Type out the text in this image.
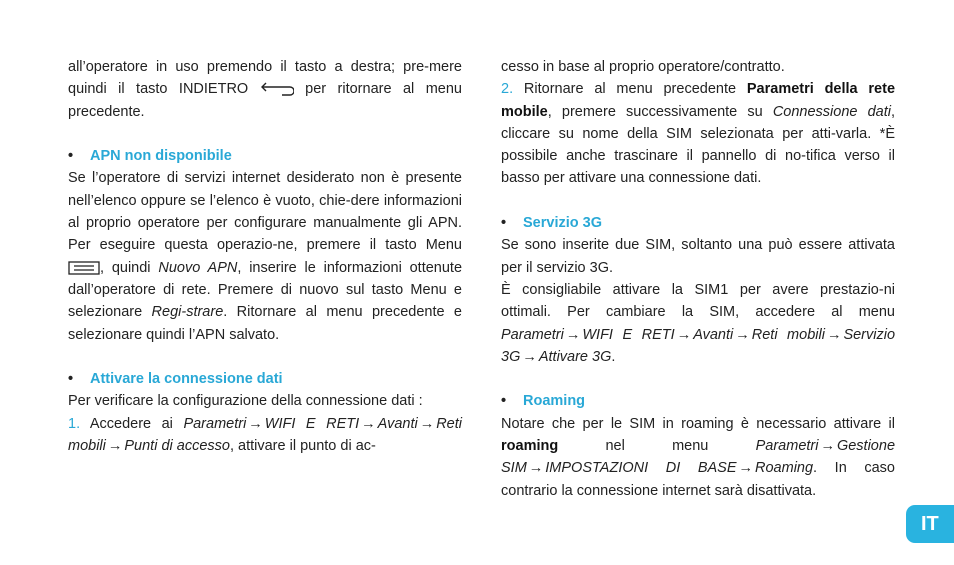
all’operatore in uso premendo il tasto a destra; pre-mere quindi il tasto INDIETRO	per ritornare al menu precedente.

• APN non disponibile

Se l’operatore di servizi internet desiderato non è presente nell’elenco oppure se l’elenco è vuoto, chie-dere informazioni al proprio operatore per configurare manualmente gli APN. Per eseguire questa operazio-ne, premere il tasto Menu , quindi Nuovo APN, inserire le informazioni ottenute dall’operatore di rete. Premere di nuovo sul tasto Menu e selezionare Regi-strare. Ritornare al menu precedente e selezionare quindi l’APN salvato.

• Attivare la connessione dati

Per verificare la configurazione della connessione dati :

1. Accedere ai Parametri → WIFI E RETI → Avanti → Reti mobili → Punti di accesso, attivare il punto di ac-

cesso in base al proprio operatore/contratto.

2. Ritornare al menu precedente Parametri della rete mobile, premere successivamente su Connessione dati, cliccare su nome della SIM selezionata per atti-varla. *È possibile anche trascinare il pannello di no-tifica verso il basso per attivare una connessione dati.

• Servizio 3G

Se sono inserite due SIM, soltanto una può essere attivata per il servizio 3G.

È consigliabile attivare la SIM1 per avere prestazio-ni ottimali. Per cambiare la SIM, accedere al menu Parametri → WIFI E RETI → Avanti → Reti mobili → Servizio 3G → Attivare 3G.

• Roaming

Notare che per le SIM in roaming è necessario attivare il roaming	nel menu	Parametri → Gestione SIM → IMPOSTAZIONI DI BASE → Roaming. In caso contrario la connessione internet sarà disattivata.

IT
